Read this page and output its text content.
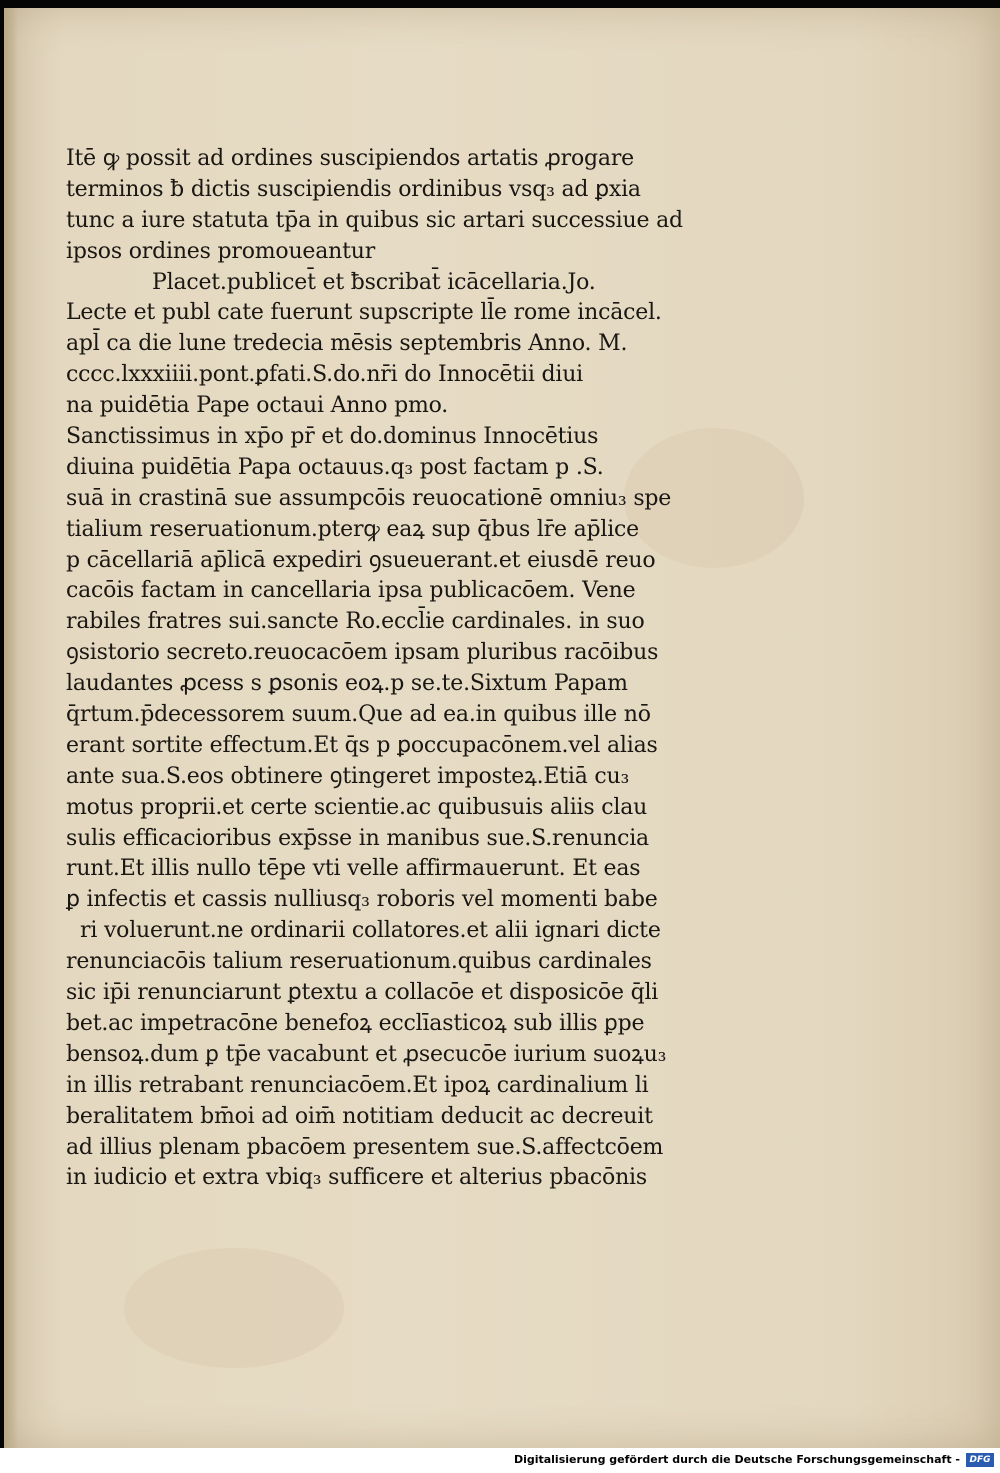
Itē ꝙ possit ad ordines suscipiendos artatis ꝓrogare
terminos ƀ dictis suscipiendis ordinibus vsq₃ ad ꝑxia
tunc a iure statuta tp̄a in quibus sic artari successiue ad
ipsos ordines promoueantur
Placet.publicet̄ et ƀscribat̄ icācellaria.Jo.
Lecte et publ cate fuerunt supscripte ll̄e rome incācel.
apl̄ ca die lune tredecia mēsis septembris Anno. M.
cccc.lxxxiiii.pont.ꝑfati.S.do.nr̄i do Innocētii diui
na puidētia Pape octaui Anno pmo.
Sanctissimus in xp̄o pr̄ et do.dominus Innocētius
diuina puidētia Papa octauus.q₃ post factam p .S.
suā in crastinā sue assumpcōis reuocationē omniu₃ spe
tialium reseruationum.pterꝙ eaꝝ sup q̄bus lr̄e ap̄lice
p cācellariā ap̄licā expediri ꝯsueuerant.et eiusdē reuo
cacōis factam in cancellaria ipsa publicacōem. Vene
rabiles fratres sui.sancte Ro.eccl̄ie cardinales. in suo
ꝯsistorio secreto.reuocacōem ipsam pluribus racōibus
laudantes ꝓcess s ꝑsonis eoꝝ.p se.te.Sixtum Papam
q̄rtum.p̄decessorem suum.Que ad ea.in quibus ille nō
erant sortite effectum.Et q̄s p ꝑoccupacōnem.vel alias
ante sua.S.eos obtinere ꝯtingeret imposteꝝ.Etiā cu₃
motus proprii.et certe scientie.ac quibusuis aliis clau
sulis efficacioribus exp̄sse in manibus sue.S.renuncia
runt.Et illis nullo tēpe vti velle affirmauerunt. Et eas
ꝑ infectis et cassis nulliusq₃ roboris vel momenti babe
ri voluerunt.ne ordinarii collatores.et alii ignari dicte
renunciacōis talium reseruationum.quibus cardinales
sic ip̄i renunciarunt ꝑtextu a collacōe et disposicōe q̄li
bet.ac impetracōne benefoꝝ ecclīasticoꝝ sub illis ꝑpe
bensoꝝ.dum ꝑ tp̄e vacabunt et ꝓsecucōe iurium suoꝝu₃
in illis retrabant renunciacōem.Et ipoꝝ cardinalium li
beralitatem bm̄oi ad oim̄ notitiam deducit ac decreuit
ad illius plenam pbacōem presentem sue.S.affectcōem
in iudicio et extra vbiq₃ sufficere et alterius pbacōnis
Digitalisierung gefördert durch die Deutsche Forschungsgemeinschaft -	DFG
